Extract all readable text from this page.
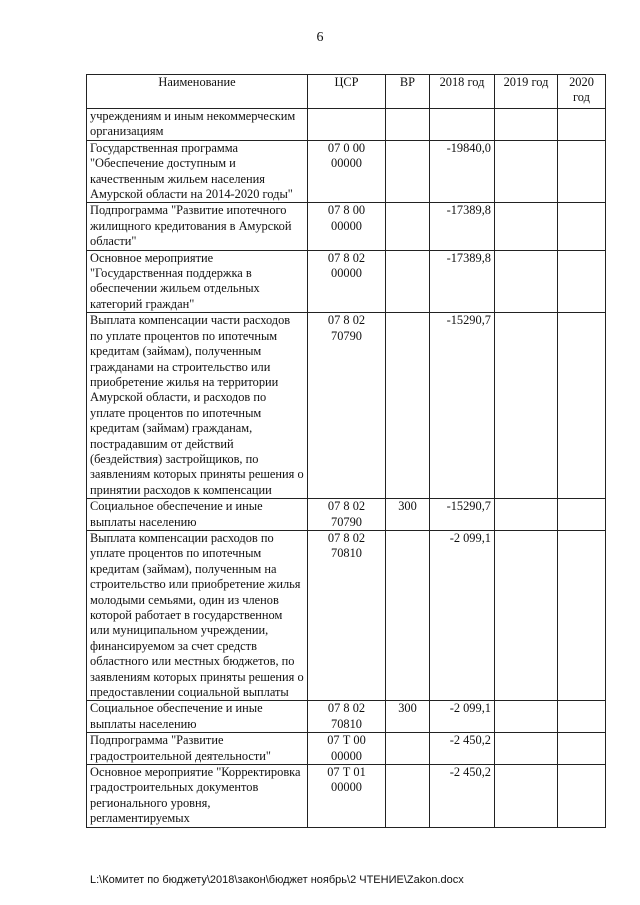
6
Наименование	ЦСР	ВР	2018 год	2019 год	2020 год
учреждениям и иным некоммерческим организациям					
Государственная программа "Обеспечение доступным и качественным жильем населения Амурской области на 2014-2020 годы"	07 0 00 00000		-19840,0		
Подпрограмма "Развитие ипотечного жилищного кредитования в Амурской области"	07 8 00 00000		-17389,8		
Основное мероприятие "Государственная поддержка в обеспечении жильем отдельных категорий граждан"	07 8 02 00000		-17389,8		
Выплата компенсации части расходов по уплате процентов по ипотечным кредитам (займам), полученным гражданами на строительство или приобретение жилья на территории Амурской области, и расходов по уплате процентов по ипотечным кредитам (займам) гражданам, пострадавшим от действий (бездействия) застройщиков, по заявлениям которых приняты решения о принятии расходов к компенсации	07 8 02 70790		-15290,7		
Социальное обеспечение и иные выплаты населению	07 8 02 70790	300	-15290,7		
Выплата компенсации расходов по уплате процентов по ипотечным кредитам (займам), полученным на строительство или приобретение жилья молодыми семьями, один из членов которой работает в государственном или муниципальном учреждении, финансируемом за счет средств областного или местных бюджетов, по заявлениям которых приняты решения о предоставлении социальной выплаты	07 8 02 70810		-2 099,1		
Социальное обеспечение и иные выплаты населению	07 8 02 70810	300	-2 099,1		
Подпрограмма "Развитие градостроительной деятельности"	07 Т 00 00000		-2 450,2		
Основное мероприятие "Корректировка градостроительных документов регионального уровня, регламентируемых	07 Т 01 00000		-2 450,2		
L:\Комитет по бюджету\2018\закон\бюджет ноябрь\2 ЧТЕНИЕ\Zakon.docx
